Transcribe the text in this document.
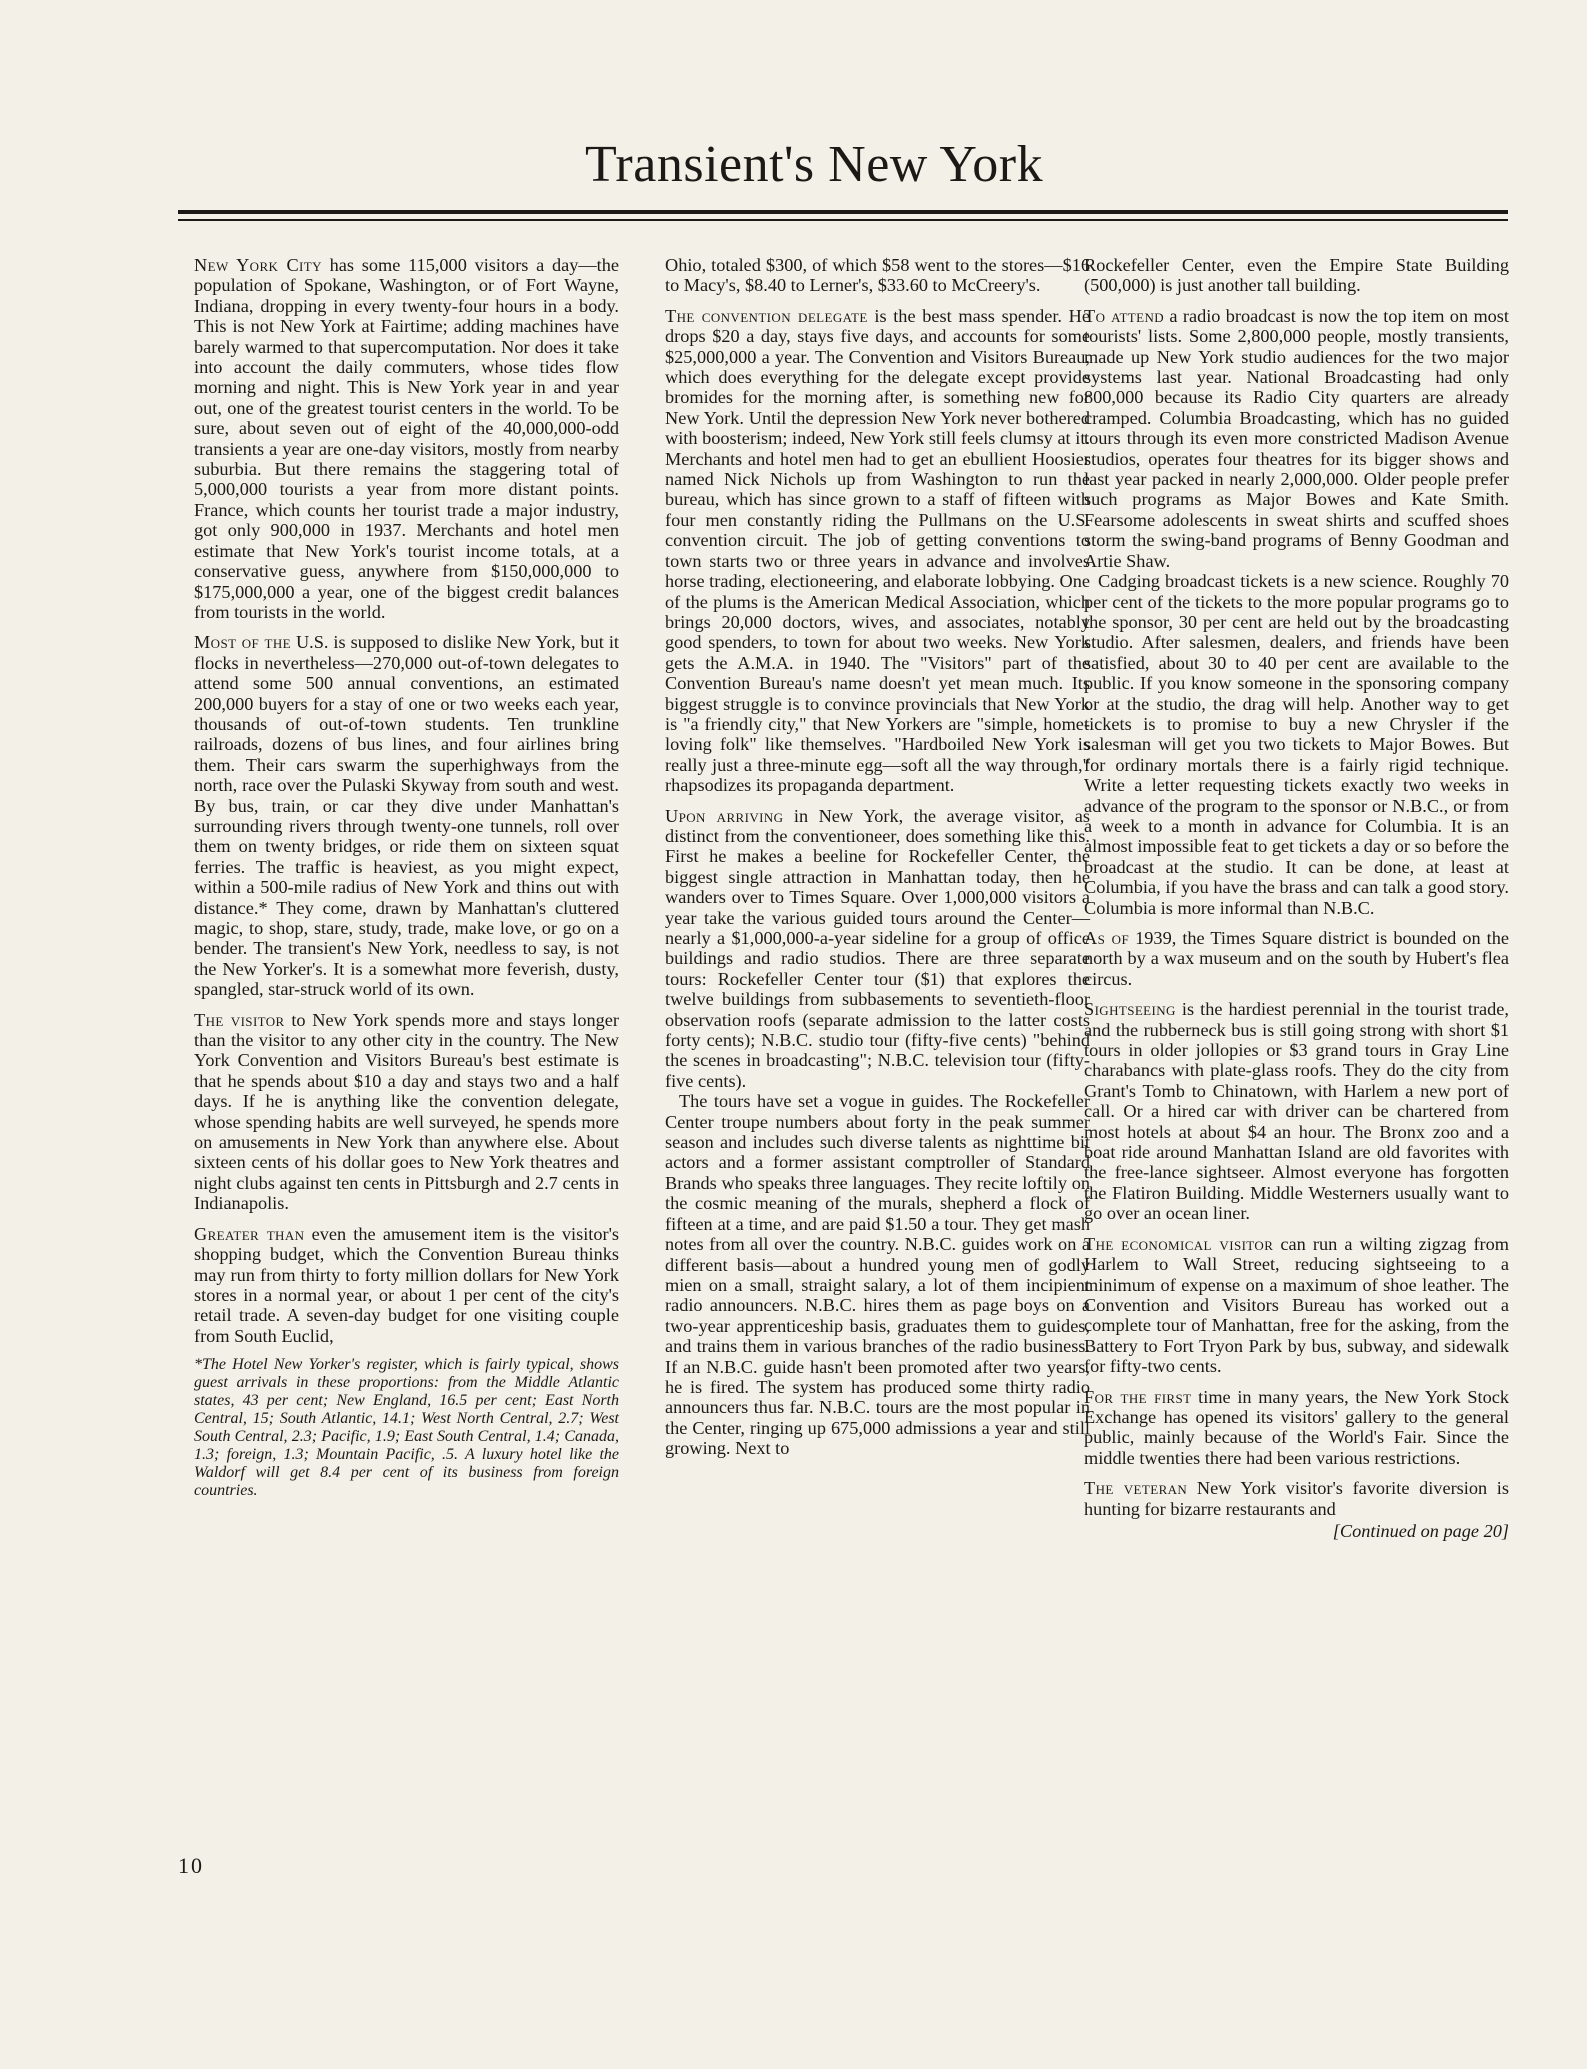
Transient's New York

New York City has some 115,000 visitors a day—the population of Spokane, Washington, or of Fort Wayne, Indiana, dropping in every twenty-four hours in a body. This is not New York at Fairtime; adding machines have barely warmed to that supercomputation. Nor does it take into account the daily commuters, whose tides flow morning and night. This is New York year in and year out, one of the greatest tourist centers in the world. To be sure, about seven out of eight of the 40,000,000-odd transients a year are one-day visitors, mostly from nearby suburbia. But there remains the staggering total of 5,000,000 tourists a year from more distant points. France, which counts her tourist trade a major industry, got only 900,000 in 1937. Merchants and hotel men estimate that New York's tourist income totals, at a conservative guess, anywhere from $150,000,000 to $175,000,000 a year, one of the biggest credit balances from tourists in the world.

Most of the U.S. is supposed to dislike New York, but it flocks in nevertheless—270,000 out-of-town delegates to attend some 500 annual conventions, an estimated 200,000 buyers for a stay of one or two weeks each year, thousands of out-of-town students. Ten trunkline railroads, dozens of bus lines, and four airlines bring them. Their cars swarm the superhighways from the north, race over the Pulaski Skyway from south and west. By bus, train, or car they dive under Manhattan's surrounding rivers through twenty-one tunnels, roll over them on twenty bridges, or ride them on sixteen squat ferries. The traffic is heaviest, as you might expect, within a 500-mile radius of New York and thins out with distance.* They come, drawn by Manhattan's cluttered magic, to shop, stare, study, trade, make love, or go on a bender. The transient's New York, needless to say, is not the New Yorker's. It is a somewhat more feverish, dusty, spangled, star-struck world of its own.

The visitor to New York spends more and stays longer than the visitor to any other city in the country. The New York Convention and Visitors Bureau's best estimate is that he spends about $10 a day and stays two and a half days. If he is anything like the convention delegate, whose spending habits are well surveyed, he spends more on amusements in New York than anywhere else. About sixteen cents of his dollar goes to New York theatres and night clubs against ten cents in Pittsburgh and 2.7 cents in Indianapolis.

Greater than even the amusement item is the visitor's shopping budget, which the Convention Bureau thinks may run from thirty to forty million dollars for New York stores in a normal year, or about 1 per cent of the city's retail trade. A seven-day budget for one visiting couple from South Euclid,

*The Hotel New Yorker's register, which is fairly typical, shows guest arrivals in these proportions: from the Middle Atlantic states, 43 per cent; New England, 16.5 per cent; East North Central, 15; South Atlantic, 14.1; West North Central, 2.7; West South Central, 2.3; Pacific, 1.9; East South Central, 1.4; Canada, 1.3; foreign, 1.3; Mountain Pacific, .5. A luxury hotel like the Waldorf will get 8.4 per cent of its business from foreign countries.

Ohio, totaled $300, of which $58 went to the stores—$16 to Macy's, $8.40 to Lerner's, $33.60 to McCreery's.

The convention delegate is the best mass spender. He drops $20 a day, stays five days, and accounts for some $25,000,000 a year. The Convention and Visitors Bureau, which does everything for the delegate except provide bromides for the morning after, is something new for New York. Until the depression New York never bothered with boosterism; indeed, New York still feels clumsy at it. Merchants and hotel men had to get an ebullient Hoosier named Nick Nichols up from Washington to run the bureau, which has since grown to a staff of fifteen with four men constantly riding the Pullmans on the U.S. convention circuit. The job of getting conventions to town starts two or three years in advance and involves horse trading, electioneering, and elaborate lobbying. One of the plums is the American Medical Association, which brings 20,000 doctors, wives, and associates, notably good spenders, to town for about two weeks. New York gets the A.M.A. in 1940. The "Visitors" part of the Convention Bureau's name doesn't yet mean much. Its biggest struggle is to convince provincials that New York is "a friendly city," that New Yorkers are "simple, home-loving folk" like themselves. "Hardboiled New York is really just a three-minute egg—soft all the way through," rhapsodizes its propaganda department.

Upon arriving in New York, the average visitor, as distinct from the conventioneer, does something like this. First he makes a beeline for Rockefeller Center, the biggest single attraction in Manhattan today, then he wanders over to Times Square. Over 1,000,000 visitors a year take the various guided tours around the Center—nearly a $1,000,000-a-year sideline for a group of office buildings and radio studios. There are three separate tours: Rockefeller Center tour ($1) that explores the twelve buildings from subbasements to seventieth-floor observation roofs (separate admission to the latter costs forty cents); N.B.C. studio tour (fifty-five cents) "behind the scenes in broadcasting"; N.B.C. television tour (fifty-five cents).

The tours have set a vogue in guides. The Rockefeller Center troupe numbers about forty in the peak summer season and includes such diverse talents as nighttime bit actors and a former assistant comptroller of Standard Brands who speaks three languages. They recite loftily on the cosmic meaning of the murals, shepherd a flock of fifteen at a time, and are paid $1.50 a tour. They get mash notes from all over the country. N.B.C. guides work on a different basis—about a hundred young men of godly mien on a small, straight salary, a lot of them incipient radio announcers. N.B.C. hires them as page boys on a two-year apprenticeship basis, graduates them to guides, and trains them in various branches of the radio business. If an N.B.C. guide hasn't been promoted after two years, he is fired. The system has produced some thirty radio announcers thus far. N.B.C. tours are the most popular in the Center, ringing up 675,000 admissions a year and still growing. Next to

Rockefeller Center, even the Empire State Building (500,000) is just another tall building.

To attend a radio broadcast is now the top item on most tourists' lists. Some 2,800,000 people, mostly transients, made up New York studio audiences for the two major systems last year. National Broadcasting had only 800,000 because its Radio City quarters are already cramped. Columbia Broadcasting, which has no guided tours through its even more constricted Madison Avenue studios, operates four theatres for its bigger shows and last year packed in nearly 2,000,000. Older people prefer such programs as Major Bowes and Kate Smith. Fearsome adolescents in sweat shirts and scuffed shoes storm the swing-band programs of Benny Goodman and Artie Shaw.

Cadging broadcast tickets is a new science. Roughly 70 per cent of the tickets to the more popular programs go to the sponsor, 30 per cent are held out by the broadcasting studio. After salesmen, dealers, and friends have been satisfied, about 30 to 40 per cent are available to the public. If you know someone in the sponsoring company or at the studio, the drag will help. Another way to get tickets is to promise to buy a new Chrysler if the salesman will get you two tickets to Major Bowes. But for ordinary mortals there is a fairly rigid technique. Write a letter requesting tickets exactly two weeks in advance of the program to the sponsor or N.B.C., or from a week to a month in advance for Columbia. It is an almost impossible feat to get tickets a day or so before the broadcast at the studio. It can be done, at least at Columbia, if you have the brass and can talk a good story. Columbia is more informal than N.B.C.

As of 1939, the Times Square district is bounded on the north by a wax museum and on the south by Hubert's flea circus.

Sightseeing is the hardiest perennial in the tourist trade, and the rubberneck bus is still going strong with short $1 tours in older jollopies or $3 grand tours in Gray Line charabancs with plate-glass roofs. They do the city from Grant's Tomb to Chinatown, with Harlem a new port of call. Or a hired car with driver can be chartered from most hotels at about $4 an hour. The Bronx zoo and a boat ride around Manhattan Island are old favorites with the free-lance sightseer. Almost everyone has forgotten the Flatiron Building. Middle Westerners usually want to go over an ocean liner.

The economical visitor can run a wilting zigzag from Harlem to Wall Street, reducing sightseeing to a minimum of expense on a maximum of shoe leather. The Convention and Visitors Bureau has worked out a complete tour of Manhattan, free for the asking, from the Battery to Fort Tryon Park by bus, subway, and sidewalk for fifty-two cents.

For the first time in many years, the New York Stock Exchange has opened its visitors' gallery to the general public, mainly because of the World's Fair. Since the middle twenties there had been various restrictions.

The veteran New York visitor's favorite diversion is hunting for bizarre restaurants and

[Continued on page 20]
10
